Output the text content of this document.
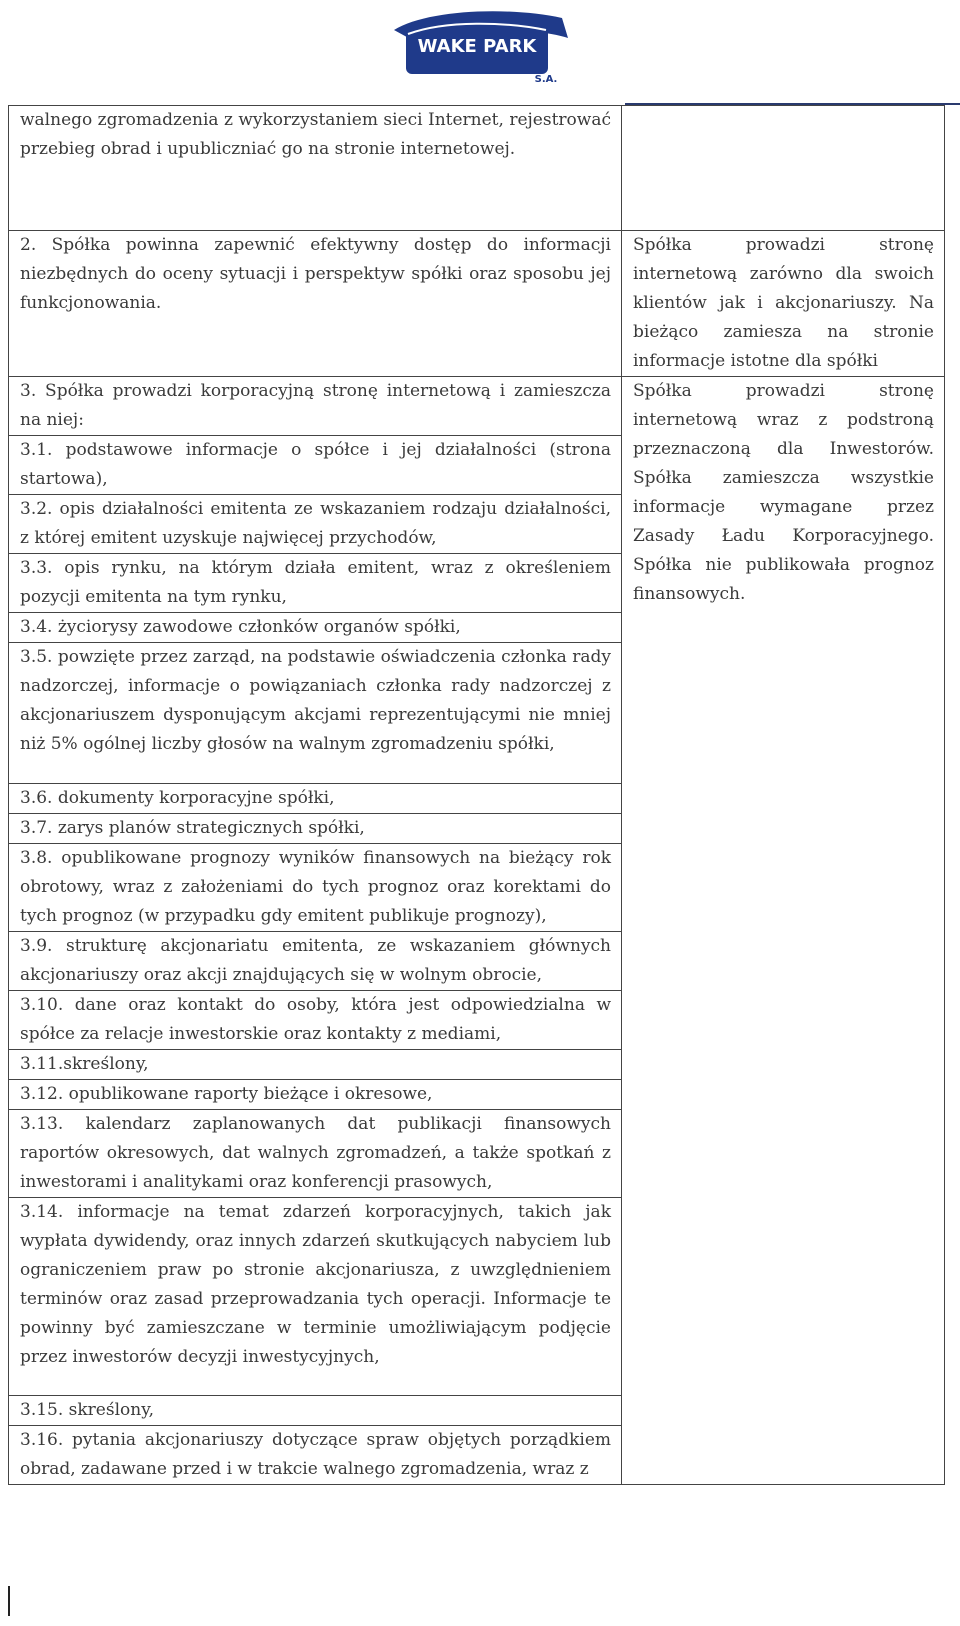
WAKE PARK
S.A.

walnego zgromadzenia z wykorzystaniem sieci Internet, rejestrować przebieg obrad i upubliczniać go na stronie internetowej.	

2. Spółka powinna zapewnić efektywny dostęp do informacji niezbędnych do oceny sytuacji i perspektyw spółki oraz sposobu jej funkcjonowania.	Spółka prowadzi stronę internetową zarówno dla swoich klientów jak i akcjonariuszy. Na bieżąco zamiesza na stronie informacje istotne dla spółki

3. Spółka prowadzi korporacyjną stronę internetową i zamieszcza na niej:	Spółka prowadzi stronę internetową wraz z podstroną przeznaczoną dla Inwestorów. Spółka zamieszcza wszystkie informacje wymagane przez Zasady Ładu Korporacyjnego. Spółka nie publikowała prognoz finansowych.

3.1. podstawowe informacje o spółce i jej działalności (strona startowa),	

3.2. opis działalności emitenta ze wskazaniem rodzaju działalności, z której emitent uzyskuje najwięcej przychodów,	

3.3. opis rynku, na którym działa emitent, wraz z określeniem pozycji emitenta na tym rynku,	

3.4. życiorysy zawodowe członków organów spółki,	

3.5. powzięte przez zarząd, na podstawie oświadczenia członka rady nadzorczej, informacje o powiązaniach członka rady nadzorczej z akcjonariuszem dysponującym akcjami reprezentującymi nie mniej niż 5% ogólnej liczby głosów na walnym zgromadzeniu spółki,	

3.6. dokumenty korporacyjne spółki,	

3.7. zarys planów strategicznych spółki,	

3.8. opublikowane prognozy wyników finansowych na bieżący rok obrotowy, wraz z założeniami do tych prognoz oraz korektami do tych prognoz (w przypadku gdy emitent publikuje prognozy),	

3.9. strukturę akcjonariatu emitenta, ze wskazaniem głównych akcjonariuszy oraz akcji znajdujących się w wolnym obrocie,	

3.10. dane oraz kontakt do osoby, która jest odpowiedzialna w spółce za relacje inwestorskie oraz kontakty z mediami,	

3.11.skreślony,	

3.12. opublikowane raporty bieżące i okresowe,	

3.13. kalendarz zaplanowanych dat publikacji finansowych raportów okresowych, dat walnych zgromadzeń, a także spotkań z inwestorami i analitykami oraz konferencji prasowych,	

3.14. informacje na temat zdarzeń korporacyjnych, takich jak wypłata dywidendy, oraz innych zdarzeń skutkujących nabyciem lub ograniczeniem praw po stronie akcjonariusza, z uwzględnieniem terminów oraz zasad przeprowadzania tych operacji. Informacje te powinny być zamieszczane w terminie umożliwiającym podjęcie przez inwestorów decyzji inwestycyjnych,	

3.15. skreślony,	

3.16. pytania akcjonariuszy dotyczące spraw objętych porządkiem obrad, zadawane przed i w trakcie walnego zgromadzenia, wraz z	
